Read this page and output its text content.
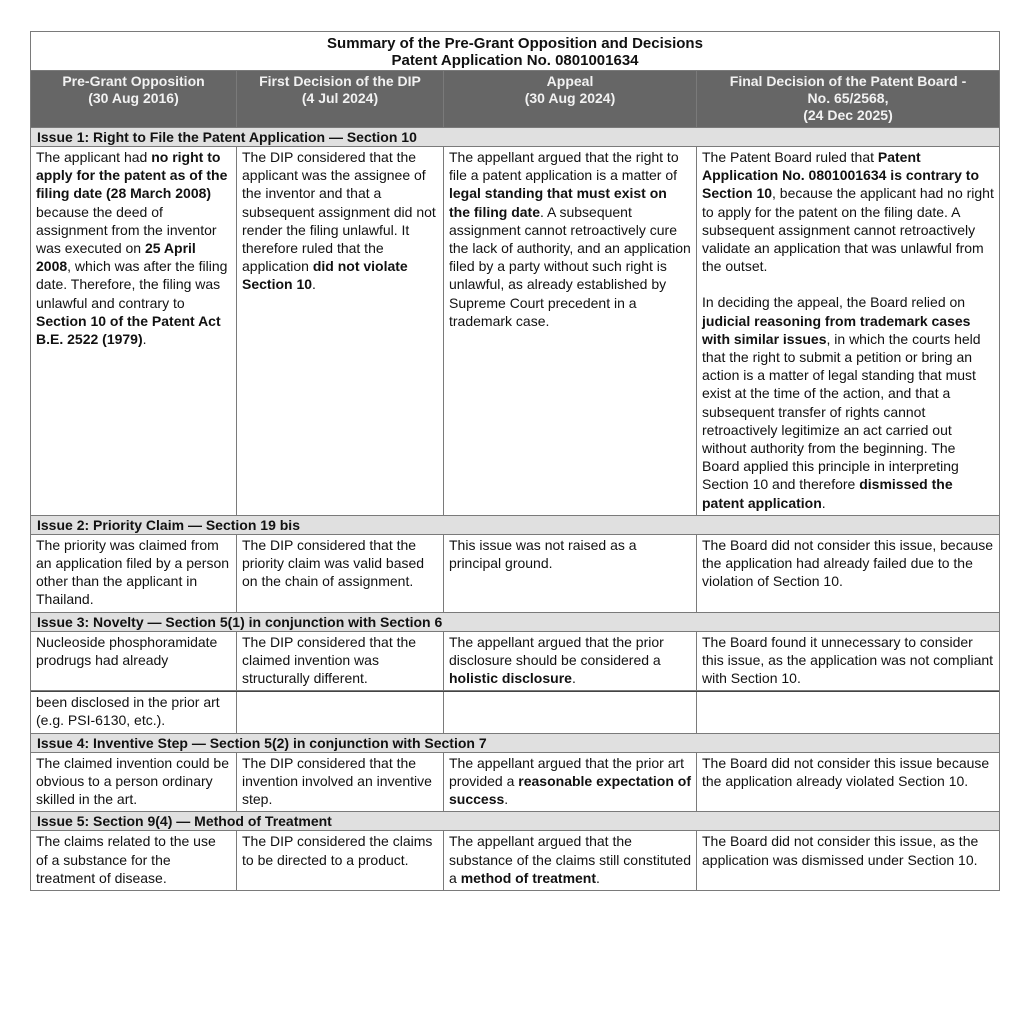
Summary of the Pre-Grant Opposition and Decisions
Patent Application No. 0801001634
Pre-Grant Opposition
(30 Aug 2016)
First Decision of the DIP
(4 Jul 2024)
Appeal
(30 Aug 2024)
Final Decision of the Patent Board -
No. 65/2568,
(24 Dec 2025)
Issue 1: Right to File the Patent Application — Section 10
The applicant had no right to apply for the patent as of the filing date (28 March 2008) because the deed of assignment from the inventor was executed on 25 April 2008, which was after the filing date. Therefore, the filing was unlawful and contrary to Section 10 of the Patent Act B.E. 2522 (1979).
The DIP considered that the applicant was the assignee of the inventor and that a subsequent assignment did not render the filing unlawful. It therefore ruled that the application did not violate Section 10.
The appellant argued that the right to file a patent application is a matter of legal standing that must exist on the filing date. A subsequent assignment cannot retroactively cure the lack of authority, and an application filed by a party without such right is unlawful, as already established by Supreme Court precedent in a trademark case.
The Patent Board ruled that Patent Application No. 0801001634 is contrary to Section 10, because the applicant had no right to apply for the patent on the filing date. A subsequent assignment cannot retroactively validate an application that was unlawful from the outset.
In deciding the appeal, the Board relied on judicial reasoning from trademark cases with similar issues, in which the courts held that the right to submit a petition or bring an action is a matter of legal standing that must exist at the time of the action, and that a subsequent transfer of rights cannot retroactively legitimize an act carried out without authority from the beginning. The Board applied this principle in interpreting Section 10 and therefore dismissed the patent application.
Issue 2: Priority Claim — Section 19 bis
The priority was claimed from an application filed by a person other than the applicant in Thailand.
The DIP considered that the priority claim was valid based on the chain of assignment.
This issue was not raised as a principal ground.
The Board did not consider this issue, because the application had already failed due to the violation of Section 10.
Issue 3: Novelty — Section 5(1) in conjunction with Section 6
Nucleoside phosphoramidate prodrugs had already
The DIP considered that the claimed invention was structurally different.
The appellant argued that the prior disclosure should be considered a holistic disclosure.
The Board found it unnecessary to consider this issue, as the application was not compliant with Section 10.
been disclosed in the prior art (e.g. PSI-6130, etc.).
Issue 4: Inventive Step — Section 5(2) in conjunction with Section 7
The claimed invention could be obvious to a person ordinary skilled in the art.
The DIP considered that the invention involved an inventive step.
The appellant argued that the prior art provided a reasonable expectation of success.
The Board did not consider this issue because the application already violated Section 10.
Issue 5: Section 9(4) — Method of Treatment
The claims related to the use of a substance for the treatment of disease.
The DIP considered the claims to be directed to a product.
The appellant argued that the substance of the claims still constituted a method of treatment.
The Board did not consider this issue, as the application was dismissed under Section 10.
